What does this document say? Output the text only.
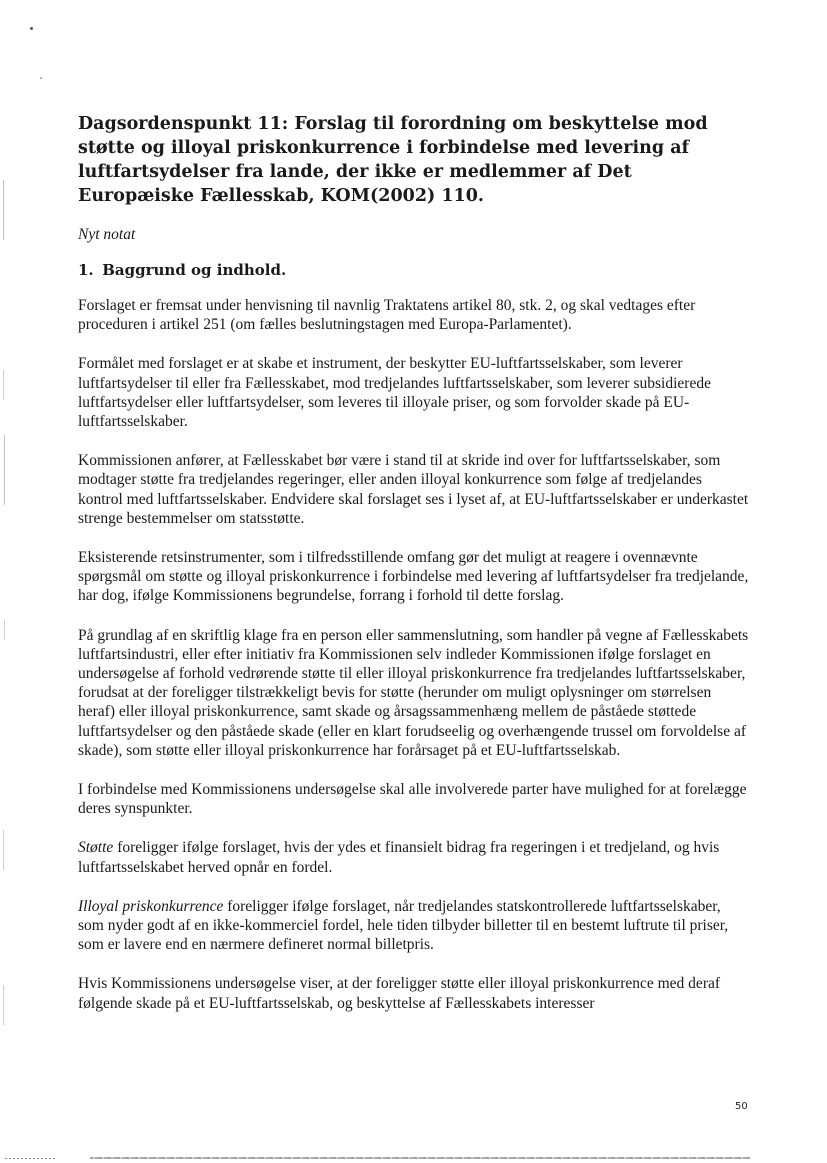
Dagsordenspunkt 11: Forslag til forordning om beskyttelse mod støtte og illoyal priskonkurrence i forbindelse med levering af luftfartsydelser fra lande, der ikke er medlemmer af Det Europæiske Fællesskab, KOM(2002) 110.

Nyt notat

1. Baggrund og indhold.

Forslaget er fremsat under henvisning til navnlig Traktatens artikel 80, stk. 2, og skal vedtages efter proceduren i artikel 251 (om fælles beslutningstagen med Europa-Parlamentet).

Formålet med forslaget er at skabe et instrument, der beskytter EU-luftfartsselskaber, som leverer luftfartsydelser til eller fra Fællesskabet, mod tredjelandes luftfartsselskaber, som leverer subsidierede luftfartsydelser eller luftfartsydelser, som leveres til illoyale priser, og som forvolder skade på EU-luftfartsselskaber.

Kommissionen anfører, at Fællesskabet bør være i stand til at skride ind over for luftfartsselskaber, som modtager støtte fra tredjelandes regeringer, eller anden illoyal konkurrence som følge af tredjelandes kontrol med luftfartsselskaber. Endvidere skal forslaget ses i lyset af, at EU-luftfartsselskaber er underkastet strenge bestemmelser om statsstøtte.

Eksisterende retsinstrumenter, som i tilfredsstillende omfang gør det muligt at reagere i ovennævnte spørgsmål om støtte og illoyal priskonkurrence i forbindelse med levering af luftfartsydelser fra tredjelande, har dog, ifølge Kommissionens begrundelse, forrang i forhold til dette forslag.

På grundlag af en skriftlig klage fra en person eller sammenslutning, som handler på vegne af Fællesskabets luftfartsindustri, eller efter initiativ fra Kommissionen selv indleder Kommissionen ifølge forslaget en undersøgelse af forhold vedrørende støtte til eller illoyal priskonkurrence fra tredjelandes luftfartsselskaber, forudsat at der foreligger tilstrækkeligt bevis for støtte (herunder om muligt oplysninger om størrelsen heraf) eller illoyal priskonkurrence, samt skade og årsagssammenhæng mellem de påståede støttede luftfartsydelser og den påståede skade (eller en klart forudseelig og overhængende trussel om forvoldelse af skade), som støtte eller illoyal priskonkurrence har forårsaget på et EU-luftfartsselskab.

I forbindelse med Kommissionens undersøgelse skal alle involverede parter have mulighed for at forelægge deres synspunkter.

Støtte foreligger ifølge forslaget, hvis der ydes et finansielt bidrag fra regeringen i et tredjeland, og hvis luftfartsselskabet herved opnår en fordel.

Illoyal priskonkurrence foreligger ifølge forslaget, når tredjelandes statskontrollerede luftfartsselskaber, som nyder godt af en ikke-kommerciel fordel, hele tiden tilbyder billetter til en bestemt luftrute til priser, som er lavere end en nærmere defineret normal billetpris.

Hvis Kommissionens undersøgelse viser, at der foreligger støtte eller illoyal priskonkurrence med deraf følgende skade på et EU-luftfartsselskab, og beskyttelse af Fællesskabets interesser

50
